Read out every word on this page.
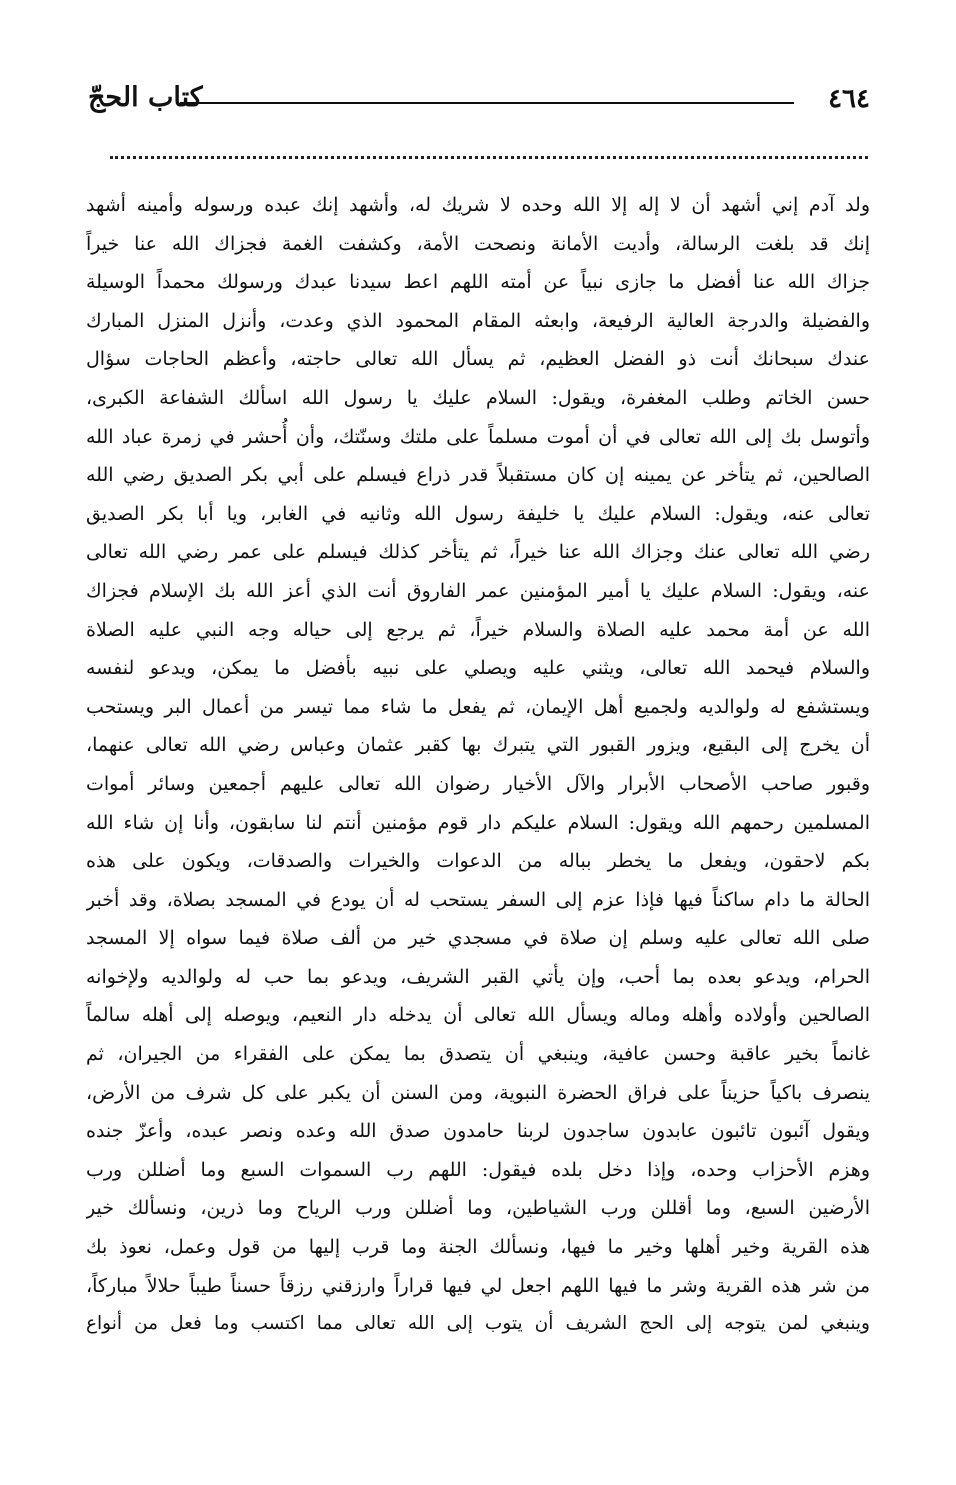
٤٦٤
كتاب الحجّ
ولد آدم إني أشهد أن لا إله إلا الله وحده لا شريك له، وأشهد إنك عبده ورسوله وأمينه أشهد
إنك قد بلغت الرسالة، وأديت الأمانة ونصحت الأمة، وكشفت الغمة فجزاك الله عنا خيراً
جزاك الله عنا أفضل ما جازى نبياً عن أمته اللهم اعط سيدنا عبدك ورسولك محمداً الوسيلة
والفضيلة والدرجة العالية الرفيعة، وابعثه المقام المحمود الذي وعدت، وأنزل المنزل المبارك
عندك سبحانك أنت ذو الفضل العظيم، ثم يسأل الله تعالى حاجته، وأعظم الحاجات سؤال
حسن الخاتم وطلب المغفرة، ويقول: السلام عليك يا رسول الله اسألك الشفاعة الكبرى،
وأتوسل بك إلى الله تعالى في أن أموت مسلماً على ملتك وسنّتك، وأن أُحشر في زمرة عباد الله
الصالحين، ثم يتأخر عن يمينه إن كان مستقبلاً قدر ذراع فيسلم على أبي بكر الصديق رضي الله
تعالى عنه، ويقول: السلام عليك يا خليفة رسول الله وثانيه في الغابر، ويا أبا بكر الصديق
رضي الله تعالى عنك وجزاك الله عنا خيراً، ثم يتأخر كذلك فيسلم على عمر رضي الله تعالى
عنه، ويقول: السلام عليك يا أمير المؤمنين عمر الفاروق أنت الذي أعز الله بك الإسلام فجزاك
الله عن أمة محمد عليه الصلاة والسلام خيراً، ثم يرجع إلى حياله وجه النبي عليه الصلاة
والسلام فيحمد الله تعالى، ويثني عليه ويصلي على نبيه بأفضل ما يمكن، ويدعو لنفسه
ويستشفع له ولوالديه ولجميع أهل الإيمان، ثم يفعل ما شاء مما تيسر من أعمال البر ويستحب
أن يخرج إلى البقيع، ويزور القبور التي يتبرك بها كقبر عثمان وعباس رضي الله تعالى عنهما،
وقبور صاحب الأصحاب الأبرار والآل الأخيار رضوان الله تعالى عليهم أجمعين وسائر أموات
المسلمين رحمهم الله ويقول: السلام عليكم دار قوم مؤمنين أنتم لنا سابقون، وأنا إن شاء الله
بكم لاحقون، ويفعل ما يخطر بباله من الدعوات والخيرات والصدقات، ويكون على هذه
الحالة ما دام ساكناً فيها فإذا عزم إلى السفر يستحب له أن يودع في المسجد بصلاة، وقد أخبر
صلى الله تعالى عليه وسلم إن صلاة في مسجدي خير من ألف صلاة فيما سواه إلا المسجد
الحرام، ويدعو بعده بما أحب، وإن يأتي القبر الشريف، ويدعو بما حب له ولوالديه ولإخوانه
الصالحين وأولاده وأهله وماله ويسأل الله تعالى أن يدخله دار النعيم، ويوصله إلى أهله سالماً
غانماً بخير عاقبة وحسن عافية، وينبغي أن يتصدق بما يمكن على الفقراء من الجيران، ثم
ينصرف باكياً حزيناً على فراق الحضرة النبوية، ومن السنن أن يكبر على كل شرف من الأرض،
ويقول آئبون تائبون عابدون ساجدون لربنا حامدون صدق الله وعده ونصر عبده، وأعزّ جنده
وهزم الأحزاب وحده، وإذا دخل بلده فيقول: اللهم رب السموات السبع وما أضللن ورب
الأرضين السبع، وما أقللن ورب الشياطين، وما أضللن ورب الرياح وما ذرين، ونسألك خير
هذه القرية وخير أهلها وخير ما فيها، ونسألك الجنة وما قرب إليها من قول وعمل، نعوذ بك
من شر هذه القرية وشر ما فيها اللهم اجعل لي فيها قراراً وارزقني رزقاً حسناً طيباً حلالاً مباركاً،
وينبغي لمن يتوجه إلى الحج الشريف أن يتوب إلى الله تعالى مما اكتسب وما فعل من أنواع
